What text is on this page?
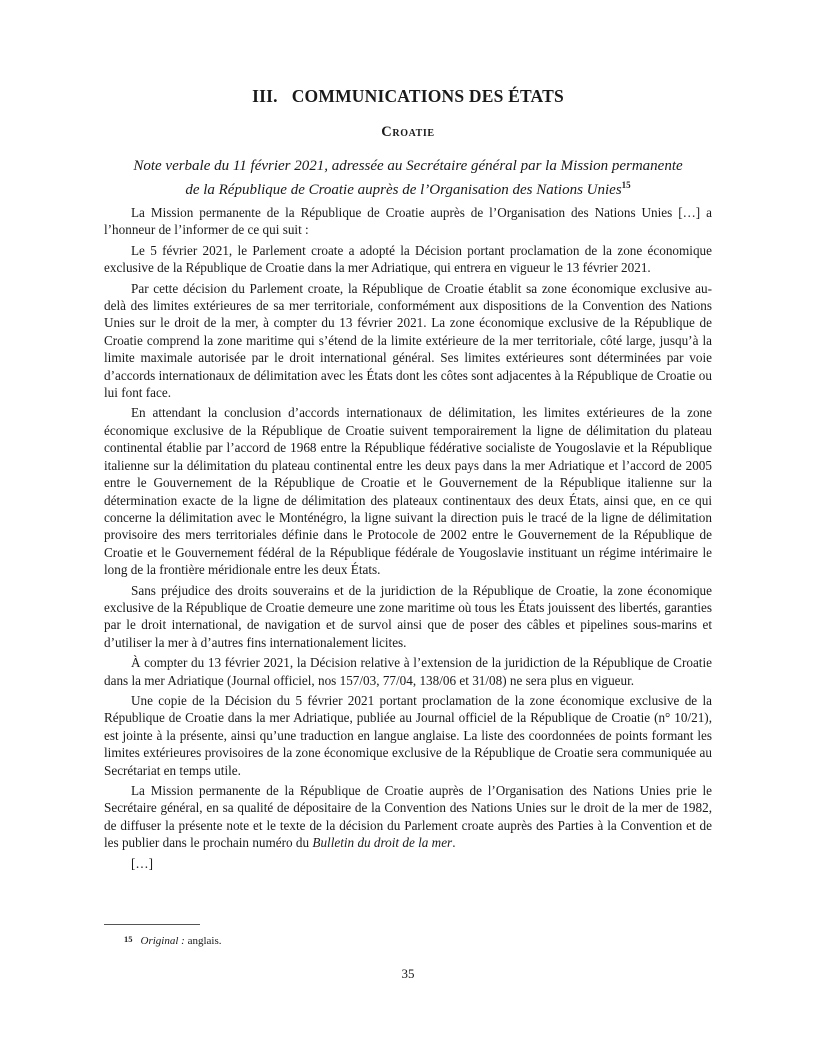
III. COMMUNICATIONS DES ÉTATS
Croatie
Note verbale du 11 février 2021, adressée au Secrétaire général par la Mission permanente
de la République de Croatie auprès de l’Organisation des Nations Unies$^{15}$

La Mission permanente de la République de Croatie auprès de l’Organisation des Nations Unies […] a l’honneur de l’informer de ce qui suit :

Le 5 février 2021, le Parlement croate a adopté la Décision portant proclamation de la zone économique exclusive de la République de Croatie dans la mer Adriatique, qui entrera en vigueur le 13 février 2021.

Par cette décision du Parlement croate, la République de Croatie établit sa zone économique exclusive au-delà des limites extérieures de sa mer territoriale, conformément aux dispositions de la Convention des Nations Unies sur le droit de la mer, à compter du 13 février 2021. La zone économique exclusive de la République de Croatie comprend la zone maritime qui s’étend de la limite extérieure de la mer territoriale, côté large, jusqu’à la limite maximale autorisée par le droit international général. Ses limites extérieures sont déterminées par voie d’accords internationaux de délimitation avec les États dont les côtes sont adjacentes à la République de Croatie ou lui font face.

En attendant la conclusion d’accords internationaux de délimitation, les limites extérieures de la zone économique exclusive de la République de Croatie suivent temporairement la ligne de délimitation du plateau continental établie par l’accord de 1968 entre la République fédérative socialiste de Yougoslavie et la République italienne sur la délimitation du plateau continental entre les deux pays dans la mer Adriatique et l’accord de 2005 entre le Gouvernement de la République de Croatie et le Gouvernement de la République italienne sur la détermination exacte de la ligne de délimitation des plateaux continentaux des deux États, ainsi que, en ce qui concerne la délimitation avec le Monténégro, la ligne suivant la direction puis le tracé de la ligne de délimitation provisoire des mers territoriales définie dans le Protocole de 2002 entre le Gouvernement de la République de Croatie et le Gouvernement fédéral de la République fédérale de Yougoslavie instituant un régime intérimaire le long de la frontière méridionale entre les deux États.

Sans préjudice des droits souverains et de la juridiction de la République de Croatie, la zone économique exclusive de la République de Croatie demeure une zone maritime où tous les États jouissent des libertés, garanties par le droit international, de navigation et de survol ainsi que de poser des câbles et pipelines sous-marins et d’utiliser la mer à d’autres fins internationalement licites.

À compter du 13 février 2021, la Décision relative à l’extension de la juridiction de la République de Croatie dans la mer Adriatique (Journal officiel, nos 157/03, 77/04, 138/06 et 31/08) ne sera plus en vigueur.

Une copie de la Décision du 5 février 2021 portant proclamation de la zone économique exclusive de la République de Croatie dans la mer Adriatique, publiée au Journal officiel de la République de Croatie (n° 10/21), est jointe à la présente, ainsi qu’une traduction en langue anglaise. La liste des coordonnées de points formant les limites extérieures provisoires de la zone économique exclusive de la République de Croatie sera communiquée au Secrétariat en temps utile.

La Mission permanente de la République de Croatie auprès de l’Organisation des Nations Unies prie le Secrétaire général, en sa qualité de dépositaire de la Convention des Nations Unies sur le droit de la mer de 1982, de diffuser la présente note et le texte de la décision du Parlement croate auprès des Parties à la Convention et de les publier dans le prochain numéro du Bulletin du droit de la mer.

[…]

15 Original : anglais.
35
